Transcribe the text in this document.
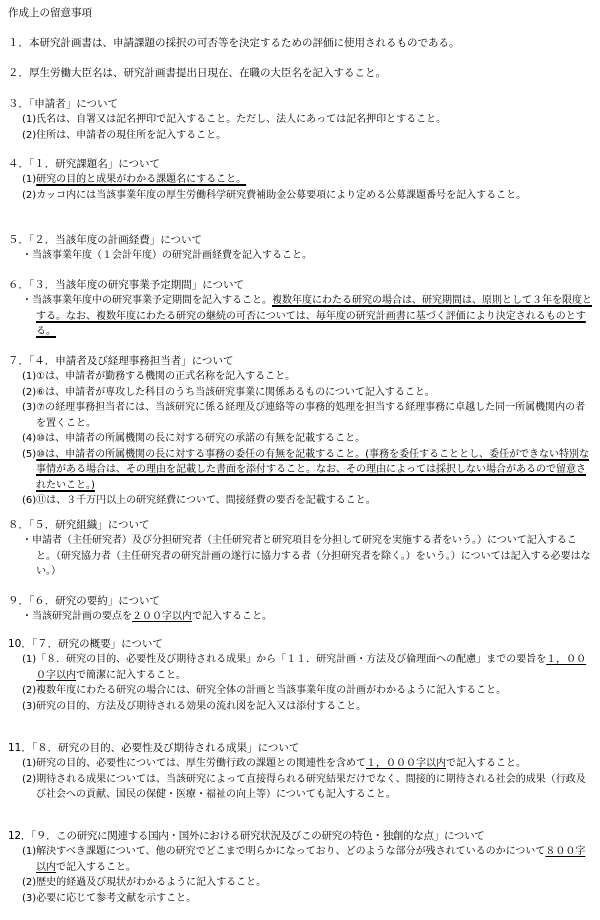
作成上の留意事項
１．本研究計画書は、申請課題の採択の可否等を決定するための評価に使用されるものである。
２．厚生労働大臣名は、研究計画書提出日現在、在職の大臣名を記入すること。
３．「申請者」について
(1)氏名は、自署又は記名押印で記入すること。ただし、法人にあっては記名押印とすること。
(2)住所は、申請者の現住所を記入すること。
４．「１．研究課題名」について
(1)研究の目的と成果がわかる課題名にすること。
(2)カッコ内には当該事業年度の厚生労働科学研究費補助金公募要項により定める公募課題番号を記入すること。
５．「２．当該年度の計画経費」について
・当該事業年度（１会計年度）の研究計画経費を記入すること。
６．「３．当該年度の研究事業予定期間」について
・当該事業年度中の研究事業予定期間を記入すること。複数年度にわたる研究の場合は、研究期間は、原則として３年を限度とする。なお、複数年度にわたる研究の継続の可否については、毎年度の研究計画書に基づく評価により決定されるものとする。
７．「４．申請者及び経理事務担当者」について
(1)①は、申請者が勤務する機関の正式名称を記入すること。
(2)⑥は、申請者が専攻した科目のうち当該研究事業に関係あるものについて記入すること。
(3)⑦の経理事務担当者には、当該研究に係る経理及び連絡等の事務的処理を担当する経理事務に卓越した同一所属機関内の者を置くこと。
(4)⑩は、申請者の所属機関の長に対する研究の承諾の有無を記載すること。
(5)⑩は、申請者の所属機関の長に対する事務の委任の有無を記載すること。(事務を委任することとし、委任ができない特別な事情がある場合は、その理由を記載した書面を添付すること。なお、その理由によっては採択しない場合があるので留意されたいこと。)
(6)⑪は、３千万円以上の研究経費について、間接経費の要否を記載すること。
８．「５．研究組織」について
・申請者（主任研究者）及び分担研究者（主任研究者と研究項目を分担して研究を実施する者をいう。）について記入すること。（研究協力者（主任研究者の研究計画の遂行に協力する者（分担研究者を除く。）をいう。）については記入する必要はない。）
９．「６．研究の要約」について
・当該研究計画の要点を２００字以内で記入すること。
10．「７．研究の概要」について
(1)「８．研究の目的、必要性及び期待される成果」から「１１．研究計画・方法及び倫理面への配慮」までの要旨を１，０００字以内で簡潔に記入すること。
(2)複数年度にわたる研究の場合には、研究全体の計画と当該事業年度の計画がわかるように記入すること。
(3)研究の目的、方法及び期待される効果の流れ図を記入又は添付すること。
11．「８．研究の目的、必要性及び期待される成果」について
(1)研究の目的、必要性については、厚生労働行政の課題との関連性を含めて１，０００字以内で記入すること。
(2)期待される成果については、当該研究によって直接得られる研究結果だけでなく、間接的に期待される社会的成果（行政及び社会への貢献、国民の保健・医療・福祉の向上等）についても記入すること。
12．「９．この研究に関連する国内・国外における研究状況及びこの研究の特色・独創的な点」について
(1)解決すべき課題について、他の研究でどこまで明らかになっており、どのような部分が残されているのかについて８００字以内で記入すること。
(2)歴史的経過及び現状がわかるように記入すること。
(3)必要に応じて参考文献を示すこと。
